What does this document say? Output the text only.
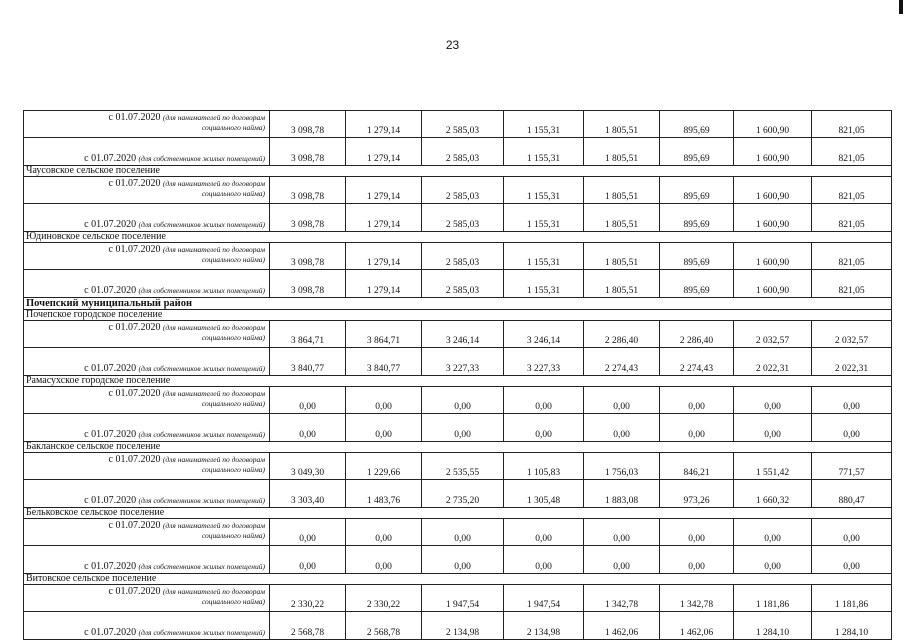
23
с 01.07.2020 (для нанимателей по договорам
социального найма)	3 098,78	1 279,14	2 585,03	1 155,31	1 805,51	895,69	1 600,90	821,05
с 01.07.2020 (для собственников жилых помещений)	3 098,78	1 279,14	2 585,03	1 155,31	1 805,51	895,69	1 600,90	821,05
Чаусовское сельское поселение								
с 01.07.2020 (для нанимателей по договорам
социального найма)	3 098,78	1 279,14	2 585,03	1 155,31	1 805,51	895,69	1 600,90	821,05
с 01.07.2020 (для собственников жилых помещений)	3 098,78	1 279,14	2 585,03	1 155,31	1 805,51	895,69	1 600,90	821,05
Юдиновское сельское поселение								
с 01.07.2020 (для нанимателей по договорам
социального найма)	3 098,78	1 279,14	2 585,03	1 155,31	1 805,51	895,69	1 600,90	821,05
с 01.07.2020 (для собственников жилых помещений)	3 098,78	1 279,14	2 585,03	1 155,31	1 805,51	895,69	1 600,90	821,05
Почепский муниципальный район								
Почепское городское поселение								
с 01.07.2020 (для нанимателей по договорам
социального найма)	3 864,71	3 864,71	3 246,14	3 246,14	2 286,40	2 286,40	2 032,57	2 032,57
с 01.07.2020 (для собственников жилых помещений)	3 840,77	3 840,77	3 227,33	3 227,33	2 274,43	2 274,43	2 022,31	2 022,31
Рамасухское городское поселение								
с 01.07.2020 (для нанимателей по договорам
социального найма)	0,00	0,00	0,00	0,00	0,00	0,00	0,00	0,00
с 01.07.2020 (для собственников жилых помещений)	0,00	0,00	0,00	0,00	0,00	0,00	0,00	0,00
Бакланское сельское поселение								
с 01.07.2020 (для нанимателей по договорам
социального найма)	3 049,30	1 229,66	2 535,55	1 105,83	1 756,03	846,21	1 551,42	771,57
с 01.07.2020 (для собственников жилых помещений)	3 303,40	1 483,76	2 735,20	1 305,48	1 883,08	973,26	1 660,32	880,47
Бельковское сельское поселение								
с 01.07.2020 (для нанимателей по договорам
социального найма)	0,00	0,00	0,00	0,00	0,00	0,00	0,00	0,00
с 01.07.2020 (для собственников жилых помещений)	0,00	0,00	0,00	0,00	0,00	0,00	0,00	0,00
Витовское сельское поселение								
с 01.07.2020 (для нанимателей по договорам
социального найма)	2 330,22	2 330,22	1 947,54	1 947,54	1 342,78	1 342,78	1 181,86	1 181,86
с 01.07.2020 (для собственников жилых помещений)	2 568,78	2 568,78	2 134,98	2 134,98	1 462,06	1 462,06	1 284,10	1 284,10
